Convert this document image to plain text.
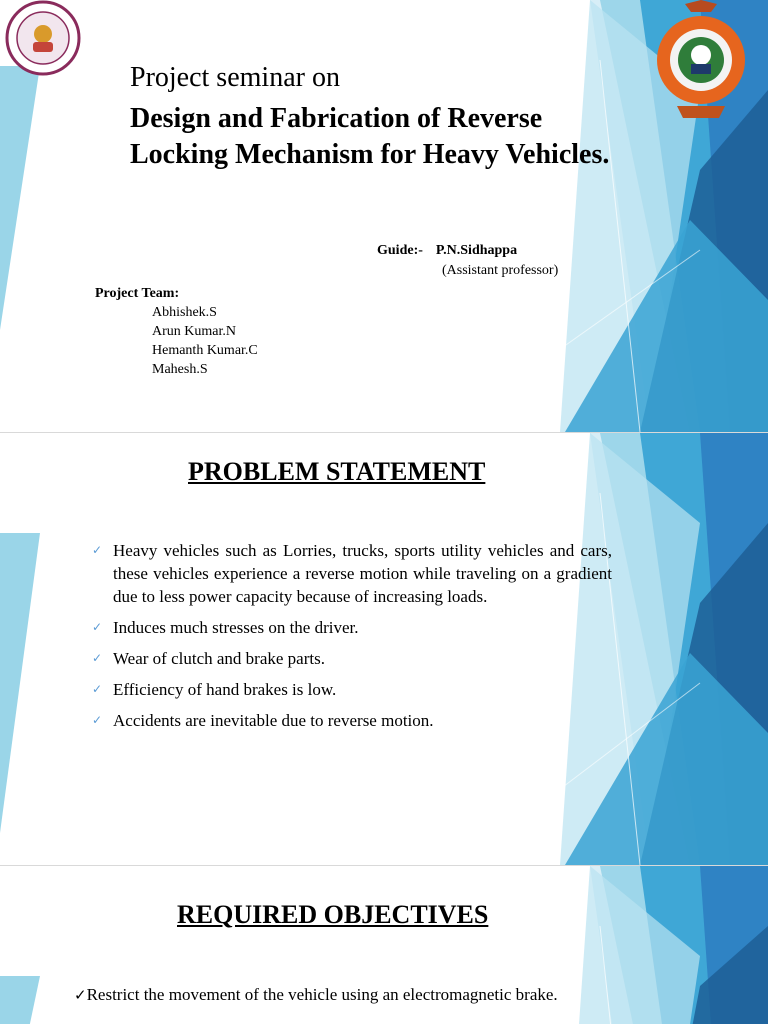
Project seminar on
Design and Fabrication of Reverse Locking Mechanism for Heavy Vehicles.
Guide:- P.N.Sidhappa
(Assistant professor)
Project Team:
Abhishek.S
Arun Kumar.N
Hemanth Kumar.C
Mahesh.S
PROBLEM STATEMENT
✓ Heavy vehicles such as Lorries, trucks, sports utility vehicles and cars, these vehicles experience a reverse motion while traveling on a gradient due to less power capacity because of increasing loads.
✓ Induces much stresses on the driver.
✓ Wear of clutch and brake parts.
✓ Efficiency of hand brakes is low.
✓ Accidents are inevitable due to reverse motion.
REQUIRED OBJECTIVES
✓Restrict the movement of the vehicle using an electromagnetic brake.
